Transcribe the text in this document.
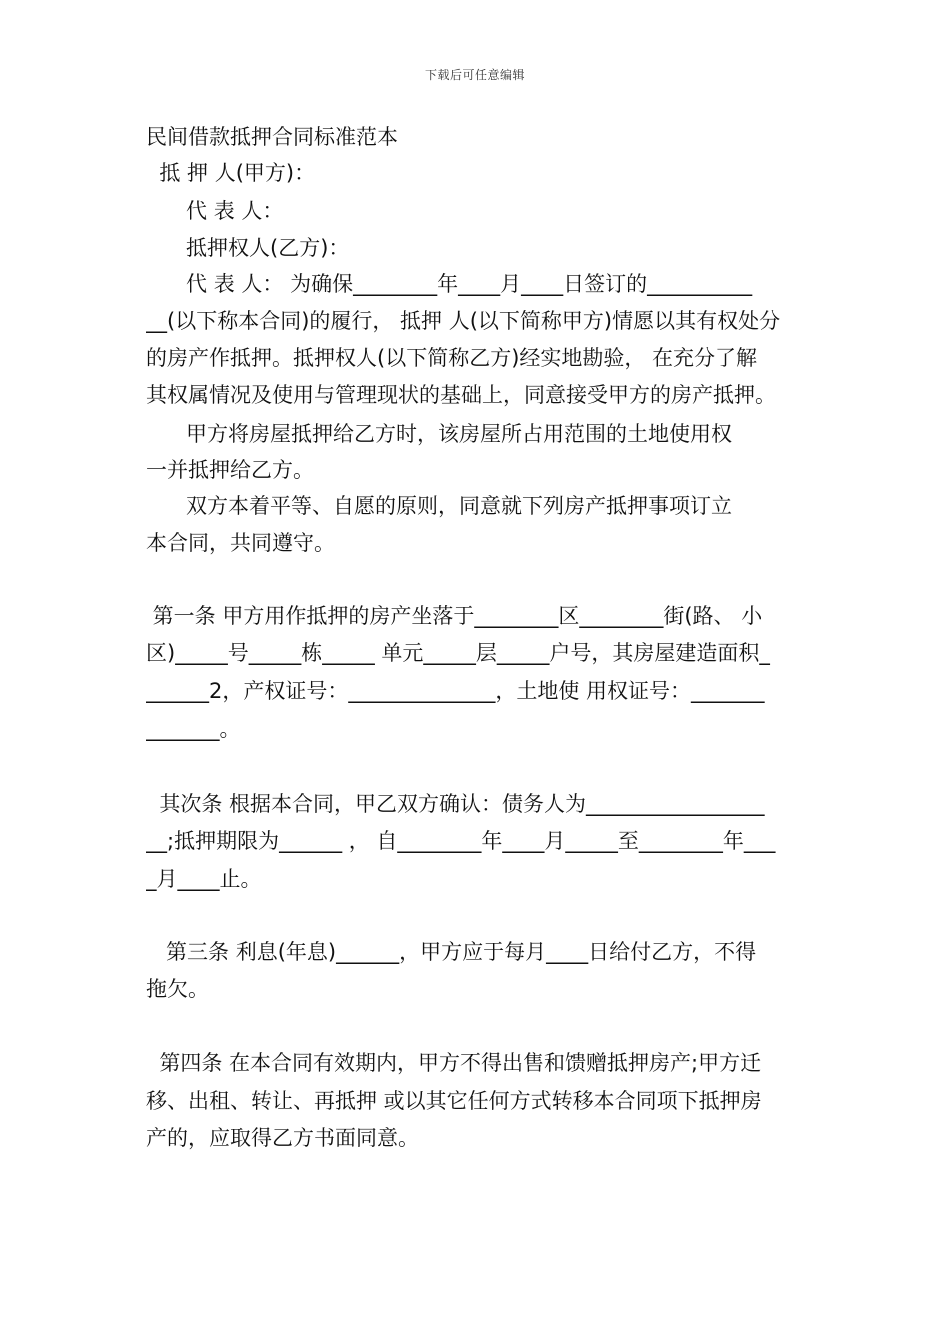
下载后可任意编辑
民间借款抵押合同标准范本
抵 押 人(甲方)：
代 表 人：
抵押权人(乙方)：
代 表 人： 为确保________年____月____日签订的__________
__(以下称本合同)的履行， 抵押 人(以下简称甲方)情愿以其有权处分
的房产作抵押。抵押权人(以下简称乙方)经实地勘验， 在充分了解
其权属情况及使用与管理现状的基础上，同意接受甲方的房产抵押。
甲方将房屋抵押给乙方时，该房屋所占用范围的土地使用权
一并抵押给乙方。
双方本着平等、自愿的原则，同意就下列房产抵押事项订立
本合同，共同遵守。
第一条 甲方用作抵押的房产坐落于________区________街(路、 小
区)_____号_____栋_____ 单元_____层_____户号，其房屋建造面积_
______2，产权证号：______________，土地使 用权证号：_______
_______。
其次条 根据本合同，甲乙双方确认：债务人为_________________
__;抵押期限为______ ， 自________年____月_____至________年___
_月____止。
第三条 利息(年息)______，甲方应于每月____日给付乙方，不得
拖欠。
第四条 在本合同有效期内，甲方不得出售和馈赠抵押房产;甲方迁
移、出租、转让、再抵押 或以其它任何方式转移本合同项下抵押房
产的，应取得乙方书面同意。
